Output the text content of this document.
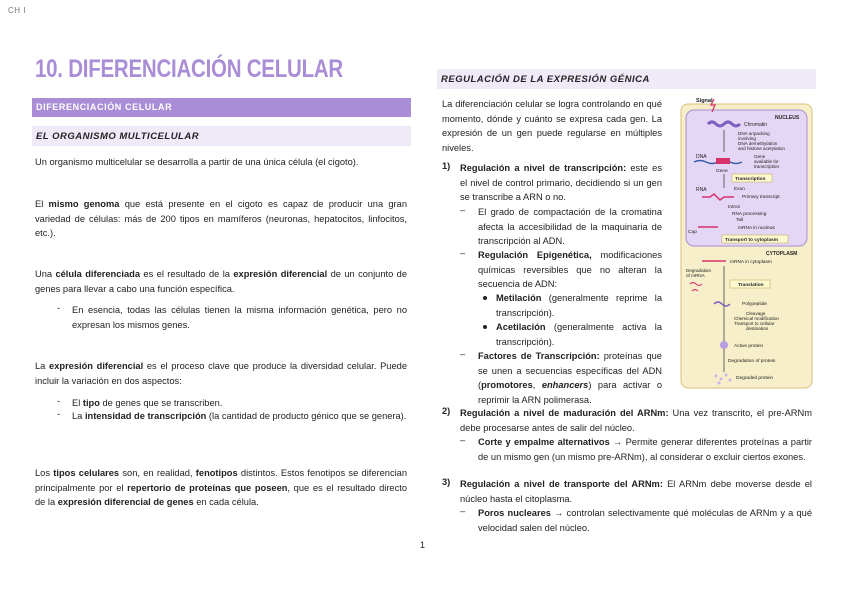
CH I
10. DIFERENCIACIÓN CELULAR
DIFERENCIACIÓN CELULAR
EL ORGANISMO MULTICELULAR

Un organismo multicelular se desarrolla a partir de una única célula (el cigoto).

El mismo genoma que está presente en el cigoto es capaz de producir una gran variedad de células: más de 200 tipos en mamíferos (neuronas, hepatocitos, linfocitos, etc.).

Una célula diferenciada es el resultado de la expresión diferencial de un conjunto de genes para llevar a cabo una función específica.

- En esencia, todas las células tienen la misma información genética, pero no expresan los mismos genes.

La expresión diferencial es el proceso clave que produce la diversidad celular. Puede incluir la variación en dos aspectos:

- El tipo de genes que se transcriben.

- La intensidad de transcripción (la cantidad de producto génico que se genera).

Los tipos celulares son, en realidad, fenotipos distintos. Estos fenotipos se diferencian principalmente por el repertorio de proteínas que poseen, que es el resultado directo de la expresión diferencial de genes en cada célula.

REGULACIÓN DE LA EXPRESIÓN GÉNICA

La diferenciación celular se logra controlando en qué momento, dónde y cuánto se expresa cada gen. La expresión de un gen puede regularse en múltiples niveles.

1) Regulación a nivel de transcripción: este es el nivel de control primario, decidiendo si un gen se transcribe a ARN o no.

– El grado de compactación de la cromatina afecta la accesibilidad de la maquinaria de transcripción al ADN.

– Regulación Epigenética, modificaciones químicas reversibles que no alteran la secuencia de ADN:

Metilación (generalmente reprime la transcripción).

Acetilación (generalmente activa la transcripción).

– Factores de Transcripción: proteínas que se unen a secuencias específicas del ADN (promotores, enhancers) para activar o reprimir la ARN polimerasa.

2) Regulación a nivel de maduración del ARNm: Una vez transcrito, el pre-ARNm debe procesarse antes de salir del núcleo.

– Corte y empalme alternativos → Permite generar diferentes proteínas a partir de un mismo gen (un mismo pre-ARNm), al considerar o excluir ciertos exones.

3) Regulación a nivel de transporte del ARNm: El ARNm debe moverse desde el núcleo hasta el citoplasma.

– Poros nucleares → controlan selectivamente qué moléculas de ARNm y a qué velocidad salen del núcleo.

1
Signal
NUCLEUS
Chromatin
DNA unpacking
involving
DNA demethylation
and histone acetylation
DNA	Gene
available for
transcription
Gene
Transcription
RNA	Exon
Primary transcript
Intron
RNA processing
Tail
mRNA in nucleus
Cap
Transport to cytoplasm
CYTOPLASM
mRNA in cytoplasm
Degradation
of mRNA
Translation
Polypeptide
Cleavage
Chemical modification
Transport to cellular
destination
Active protein
Degradation of protein
Degraded protein
